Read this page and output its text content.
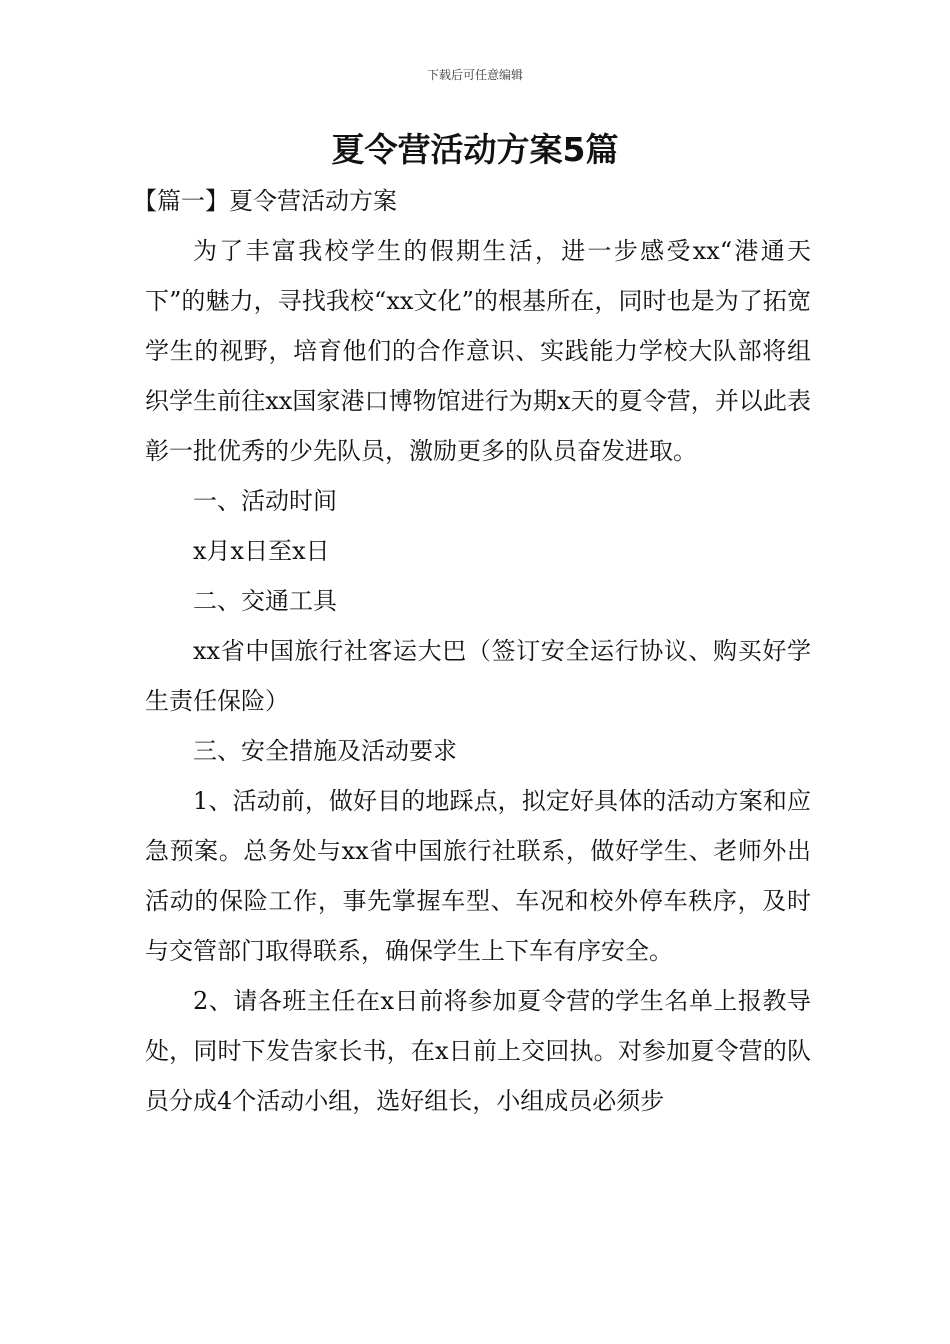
下载后可任意编辑
夏令营活动方案5篇

【篇一】夏令营活动方案

为了丰富我校学生的假期生活，进一步感受xx“港通天下”的魅力，寻找我校“xx文化”的根基所在，同时也是为了拓宽学生的视野，培育他们的合作意识、实践能力学校大队部将组织学生前往xx国家港口博物馆进行为期x天的夏令营，并以此表彰一批优秀的少先队员，激励更多的队员奋发进取。

一、活动时间

x月x日至x日

二、交通工具

xx省中国旅行社客运大巴（签订安全运行协议、购买好学生责任保险）

三、安全措施及活动要求

1、活动前，做好目的地踩点，拟定好具体的活动方案和应急预案。总务处与xx省中国旅行社联系，做好学生、老师外出活动的保险工作，事先掌握车型、车况和校外停车秩序，及时与交管部门取得联系，确保学生上下车有序安全。

2、请各班主任在x日前将参加夏令营的学生名单上报教导处，同时下发告家长书，在x日前上交回执。对参加夏令营的队员分成4个活动小组，选好组长，小组成员必须步
